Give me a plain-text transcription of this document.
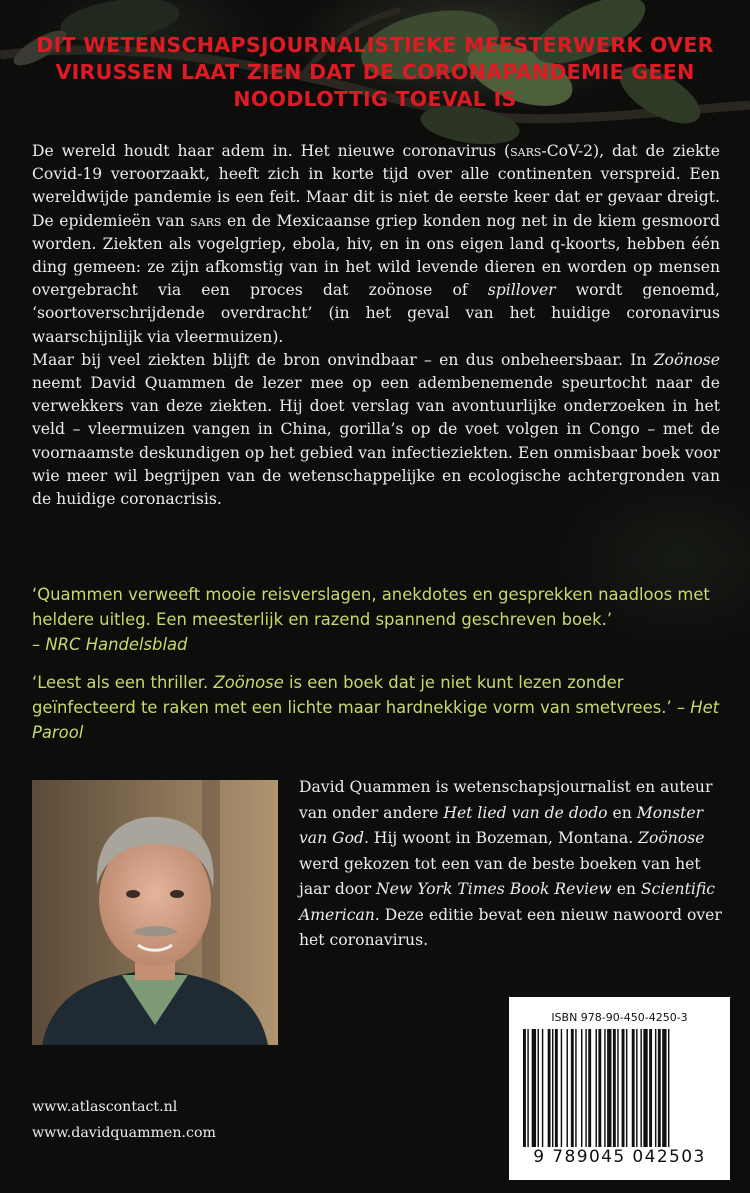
DIT WETENSCHAPSJOURNALISTIEKE MEESTERWERK OVER
VIRUSSEN LAAT ZIEN DAT DE CORONAPANDEMIE GEEN
NOODLOTTIG TOEVAL IS

De wereld houdt haar adem in. Het nieuwe coronavirus (sars-CoV-2), dat de ziekte Covid-19 veroorzaakt, heeft zich in korte tijd over alle continenten verspreid. Een wereldwijde pandemie is een feit. Maar dit is niet de eerste keer dat er gevaar dreigt. De epidemieën van sars en de Mexicaanse griep konden nog net in de kiem gesmoord worden. Ziekten als vogelgriep, ebola, hiv, en in ons eigen land q-koorts, hebben één ding gemeen: ze zijn afkomstig van in het wild levende dieren en worden op mensen overgebracht via een proces dat zoönose of spillover wordt genoemd, ‘soortoverschrijdende overdracht’ (in het geval van het huidige coronavirus waarschijnlijk via vleermuizen).

Maar bij veel ziekten blijft de bron onvindbaar – en dus onbeheersbaar. In Zoönose neemt David Quammen de lezer mee op een adembenemende speurtocht naar de verwekkers van deze ziekten. Hij doet verslag van avontuurlijke onderzoeken in het veld – vleermuizen vangen in China, gorilla’s op de voet volgen in Congo – met de voornaamste deskundigen op het gebied van infectieziekten. Een onmisbaar boek voor wie meer wil begrijpen van de wetenschappelijke en ecologische achtergronden van de huidige coronacrisis.

‘Quammen verweeft mooie reisverslagen, anekdotes en gesprekken naadloos met heldere uitleg. Een meesterlijk en razend spannend geschreven boek.’
– NRC Handelsblad

‘Leest als een thriller. Zoönose is een boek dat je niet kunt lezen zonder geïnfecteerd te raken met een lichte maar hardnekkige vorm van smetvrees.’ – Het Parool

David Quammen is wetenschapsjournalist en auteur van onder andere Het lied van de dodo en Monster van God. Hij woont in Bozeman, Montana. Zoönose werd gekozen tot een van de beste boeken van het jaar door New York Times Book Review en Scientific American. Deze editie bevat een nieuw nawoord over het coronavirus.

ISBN 978-90-450-4250-3
9 789045 042503
www.atlascontact.nl
www.davidquammen.com
